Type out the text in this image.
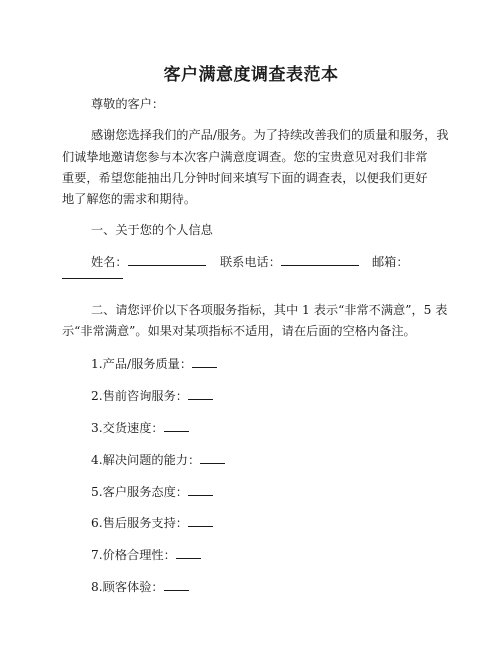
客户满意度调查表范本
尊敬的客户：
感谢您选择我们的产品/服务。为了持续改善我们的质量和服务，我
们诚挚地邀请您参与本次客户满意度调查。您的宝贵意见对我们非常
重要，希望您能抽出几分钟时间来填写下面的调查表，以便我们更好
地了解您的需求和期待。
一、关于您的个人信息
姓名：	联系电话：	邮箱：
二、请您评价以下各项服务指标，其中 1 表示“非常不满意”，5 表
示“非常满意”。如果对某项指标不适用，请在后面的空格内备注。
1.产品/服务质量：
2.售前咨询服务：
3.交货速度：
4.解决问题的能力：
5.客户服务态度：
6.售后服务支持：
7.价格合理性：
8.顾客体验：
